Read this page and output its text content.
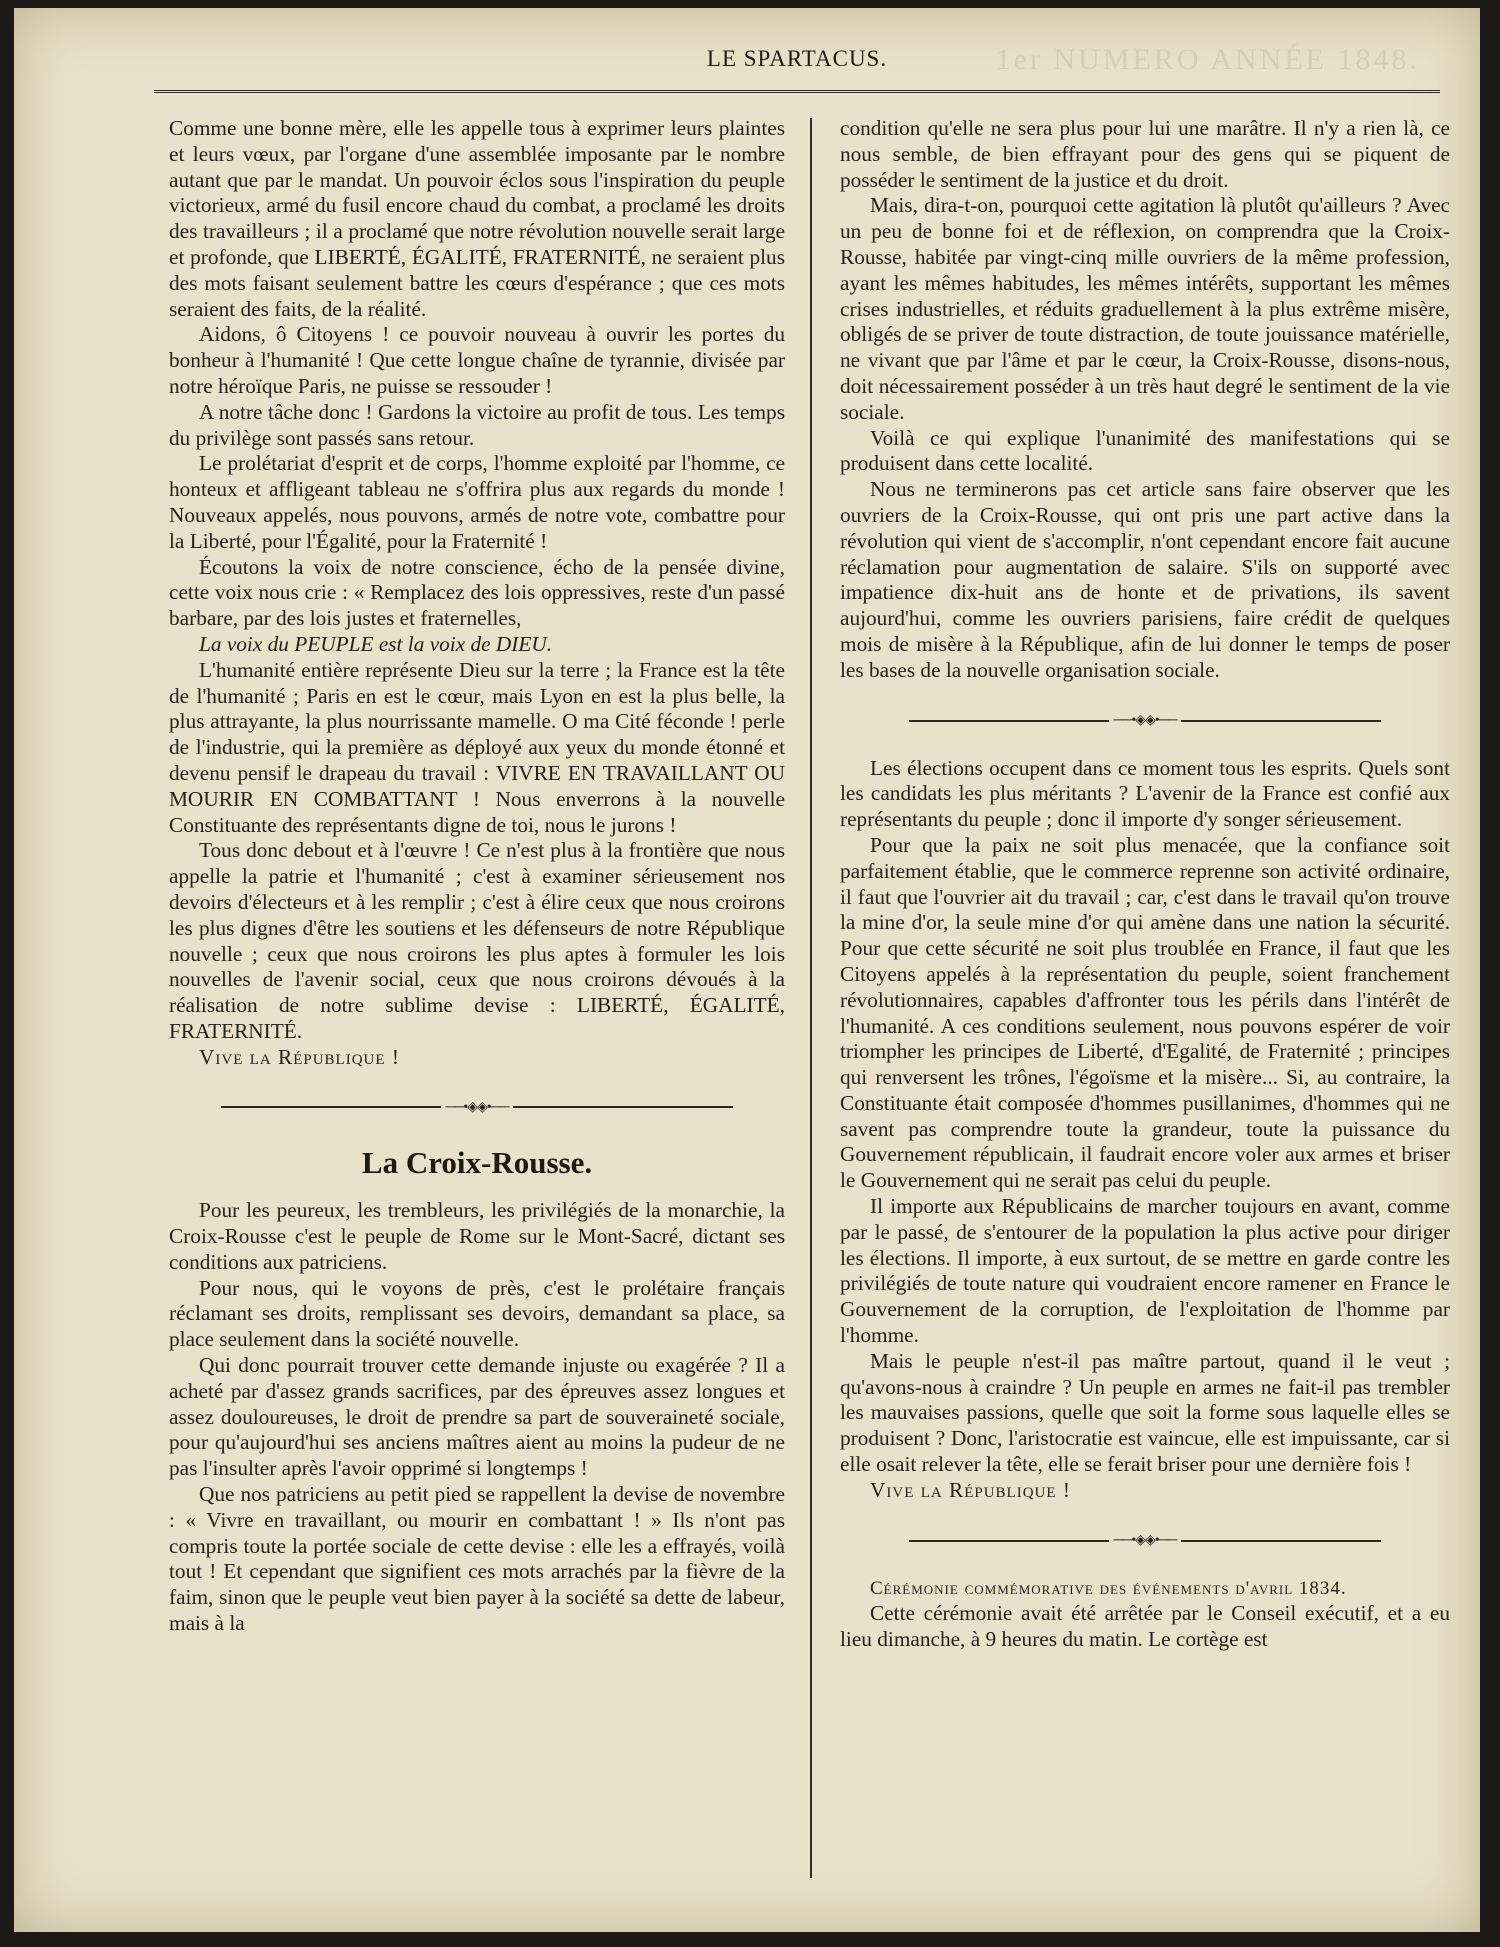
1er NUMERO ANNÉE 1848.
LE SPARTACUS.

Comme une bonne mère, elle les appelle tous à exprimer leurs plaintes et leurs vœux, par l'organe d'une assemblée imposante par le nombre autant que par le mandat. Un pouvoir éclos sous l'inspiration du peuple victorieux, armé du fusil encore chaud du combat, a proclamé les droits des travailleurs ; il a proclamé que notre révolution nouvelle serait large et profonde, que LIBERTÉ, ÉGALITÉ, FRATERNITÉ, ne seraient plus des mots faisant seulement battre les cœurs d'espérance ; que ces mots seraient des faits, de la réalité.

Aidons, ô Citoyens ! ce pouvoir nouveau à ouvrir les portes du bonheur à l'humanité ! Que cette longue chaîne de tyrannie, divisée par notre héroïque Paris, ne puisse se ressouder !

A notre tâche donc ! Gardons la victoire au profit de tous. Les temps du privilège sont passés sans retour.

Le prolétariat d'esprit et de corps, l'homme exploité par l'homme, ce honteux et affligeant tableau ne s'offrira plus aux regards du monde ! Nouveaux appelés, nous pouvons, armés de notre vote, combattre pour la Liberté, pour l'Égalité, pour la Fraternité !

Écoutons la voix de notre conscience, écho de la pensée divine, cette voix nous crie : « Remplacez des lois oppressives, reste d'un passé barbare, par des lois justes et fraternelles,

La voix du PEUPLE est la voix de DIEU.

L'humanité entière représente Dieu sur la terre ; la France est la tête de l'humanité ; Paris en est le cœur, mais Lyon en est la plus belle, la plus attrayante, la plus nourrissante mamelle. O ma Cité féconde ! perle de l'industrie, qui la première as déployé aux yeux du monde étonné et devenu pensif le drapeau du travail : VIVRE EN TRAVAILLANT OU MOURIR EN COMBATTANT ! Nous enverrons à la nouvelle Constituante des représentants digne de toi, nous le jurons !

Tous donc debout et à l'œuvre ! Ce n'est plus à la frontière que nous appelle la patrie et l'humanité ; c'est à examiner sérieusement nos devoirs d'électeurs et à les remplir ; c'est à élire ceux que nous croirons les plus dignes d'être les soutiens et les défenseurs de notre République nouvelle ; ceux que nous croirons les plus aptes à formuler les lois nouvelles de l'avenir social, ceux que nous croirons dévoués à la réalisation de notre sublime devise : LIBERTÉ, ÉGALITÉ, FRATERNITÉ.

Vive la République !

──•◈◈•──
La Croix-Rousse.

Pour les peureux, les trembleurs, les privilégiés de la monarchie, la Croix-Rousse c'est le peuple de Rome sur le Mont-Sacré, dictant ses conditions aux patriciens.

Pour nous, qui le voyons de près, c'est le prolétaire français réclamant ses droits, remplissant ses devoirs, demandant sa place, sa place seulement dans la société nouvelle.

Qui donc pourrait trouver cette demande injuste ou exagérée ? Il a acheté par d'assez grands sacrifices, par des épreuves assez longues et assez douloureuses, le droit de prendre sa part de souveraineté sociale, pour qu'aujourd'hui ses anciens maîtres aient au moins la pudeur de ne pas l'insulter après l'avoir opprimé si longtemps !

Que nos patriciens au petit pied se rappellent la devise de novembre : « Vivre en travaillant, ou mourir en combattant ! » Ils n'ont pas compris toute la portée sociale de cette devise : elle les a effrayés, voilà tout ! Et cependant que signifient ces mots arrachés par la fièvre de la faim, sinon que le peuple veut bien payer à la société sa dette de labeur, mais à la

condition qu'elle ne sera plus pour lui une marâtre. Il n'y a rien là, ce nous semble, de bien effrayant pour des gens qui se piquent de posséder le sentiment de la justice et du droit.

Mais, dira-t-on, pourquoi cette agitation là plutôt qu'ailleurs ? Avec un peu de bonne foi et de réflexion, on comprendra que la Croix-Rousse, habitée par vingt-cinq mille ouvriers de la même profession, ayant les mêmes habitudes, les mêmes intérêts, supportant les mêmes crises industrielles, et réduits graduellement à la plus extrême misère, obligés de se priver de toute distraction, de toute jouissance matérielle, ne vivant que par l'âme et par le cœur, la Croix-Rousse, disons-nous, doit nécessairement posséder à un très haut degré le sentiment de la vie sociale.

Voilà ce qui explique l'unanimité des manifestations qui se produisent dans cette localité.

Nous ne terminerons pas cet article sans faire observer que les ouvriers de la Croix-Rousse, qui ont pris une part active dans la révolution qui vient de s'accomplir, n'ont cependant encore fait aucune réclamation pour augmentation de salaire. S'ils on supporté avec impatience dix-huit ans de honte et de privations, ils savent aujourd'hui, comme les ouvriers parisiens, faire crédit de quelques mois de misère à la République, afin de lui donner le temps de poser les bases de la nouvelle organisation sociale.

──•◈◈•──

Les élections occupent dans ce moment tous les esprits. Quels sont les candidats les plus méritants ? L'avenir de la France est confié aux représentants du peuple ; donc il importe d'y songer sérieusement.

Pour que la paix ne soit plus menacée, que la confiance soit parfaitement établie, que le commerce reprenne son activité ordinaire, il faut que l'ouvrier ait du travail ; car, c'est dans le travail qu'on trouve la mine d'or, la seule mine d'or qui amène dans une nation la sécurité. Pour que cette sécurité ne soit plus troublée en France, il faut que les Citoyens appelés à la représentation du peuple, soient franchement révolutionnaires, capables d'affronter tous les périls dans l'intérêt de l'humanité. A ces conditions seulement, nous pouvons espérer de voir triompher les principes de Liberté, d'Egalité, de Fraternité ; principes qui renversent les trônes, l'égoïsme et la misère... Si, au contraire, la Constituante était composée d'hommes pusillanimes, d'hommes qui ne savent pas comprendre toute la grandeur, toute la puissance du Gouvernement républicain, il faudrait encore voler aux armes et briser le Gouvernement qui ne serait pas celui du peuple.

Il importe aux Républicains de marcher toujours en avant, comme par le passé, de s'entourer de la population la plus active pour diriger les élections. Il importe, à eux surtout, de se mettre en garde contre les privilégiés de toute nature qui voudraient encore ramener en France le Gouvernement de la corruption, de l'exploitation de l'homme par l'homme.

Mais le peuple n'est-il pas maître partout, quand il le veut ; qu'avons-nous à craindre ? Un peuple en armes ne fait-il pas trembler les mauvaises passions, quelle que soit la forme sous laquelle elles se produisent ? Donc, l'aristocratie est vaincue, elle est impuissante, car si elle osait relever la tête, elle se ferait briser pour une dernière fois !

Vive la République !

──•◈◈•──

Cérémonie commémorative des événements d'avril 1834.

Cette cérémonie avait été arrêtée par le Conseil exécutif, et a eu lieu dimanche, à 9 heures du matin. Le cortège est
